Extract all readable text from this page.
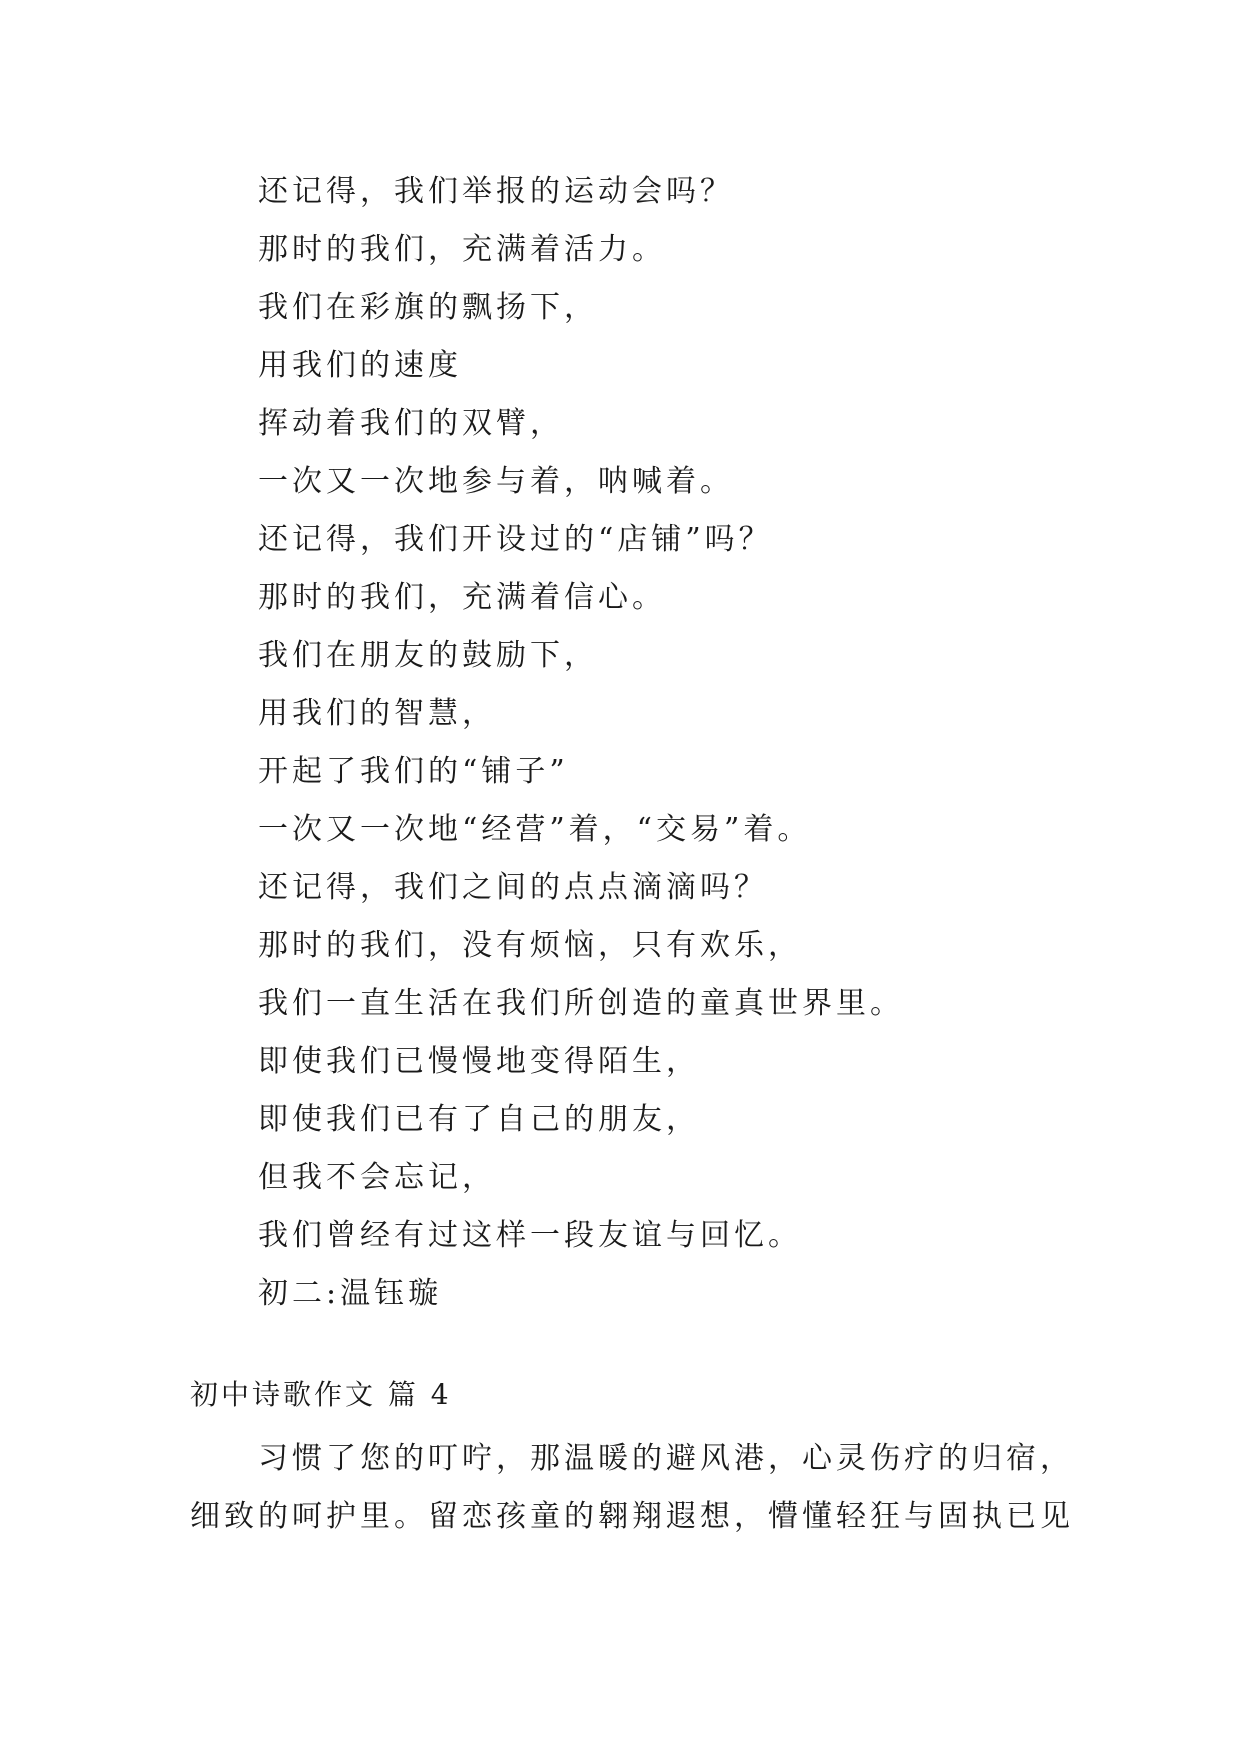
还记得，我们举报的运动会吗？
那时的我们，充满着活力。
我们在彩旗的飘扬下，
用我们的速度
挥动着我们的双臂，
一次又一次地参与着，呐喊着。
还记得，我们开设过的“店铺”吗？
那时的我们，充满着信心。
我们在朋友的鼓励下，
用我们的智慧，
开起了我们的“铺子”
一次又一次地“经营”着，“交易”着。
还记得，我们之间的点点滴滴吗？
那时的我们，没有烦恼，只有欢乐，
我们一直生活在我们所创造的童真世界里。
即使我们已慢慢地变得陌生，
即使我们已有了自己的朋友，
但我不会忘记，
我们曾经有过这样一段友谊与回忆。
初二:温钰璇
初中诗歌作文 篇 4
习惯了您的叮咛，那温暖的避风港，心灵伤疗的归宿，
细致的呵护里。留恋孩童的翱翔遐想，懵懂轻狂与固执已见
